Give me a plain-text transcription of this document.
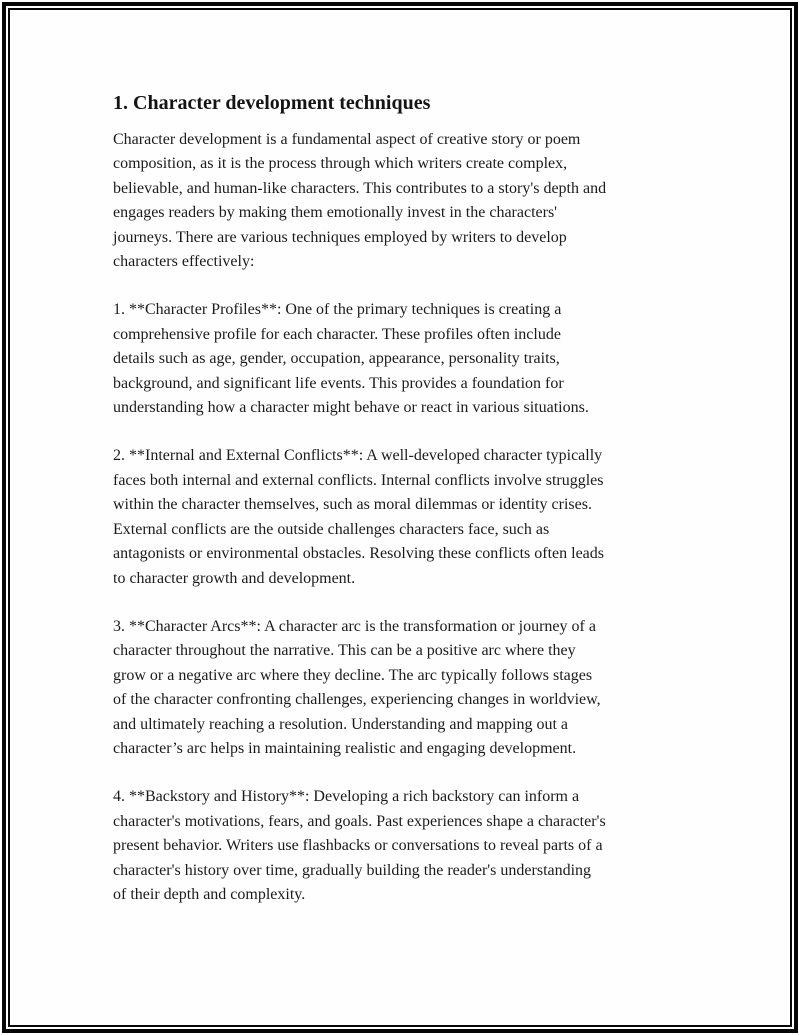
1. Character development techniques

Character development is a fundamental aspect of creative story or poem
composition, as it is the process through which writers create complex,
believable, and human-like characters. This contributes to a story's depth and
engages readers by making them emotionally invest in the characters'
journeys. There are various techniques employed by writers to develop
characters effectively:

1. **Character Profiles**: One of the primary techniques is creating a
comprehensive profile for each character. These profiles often include
details such as age, gender, occupation, appearance, personality traits,
background, and significant life events. This provides a foundation for
understanding how a character might behave or react in various situations.

2. **Internal and External Conflicts**: A well-developed character typically
faces both internal and external conflicts. Internal conflicts involve struggles
within the character themselves, such as moral dilemmas or identity crises.
External conflicts are the outside challenges characters face, such as
antagonists or environmental obstacles. Resolving these conflicts often leads
to character growth and development.

3. **Character Arcs**: A character arc is the transformation or journey of a
character throughout the narrative. This can be a positive arc where they
grow or a negative arc where they decline. The arc typically follows stages
of the character confronting challenges, experiencing changes in worldview,
and ultimately reaching a resolution. Understanding and mapping out a
character’s arc helps in maintaining realistic and engaging development.

4. **Backstory and History**: Developing a rich backstory can inform a
character's motivations, fears, and goals. Past experiences shape a character's
present behavior. Writers use flashbacks or conversations to reveal parts of a
character's history over time, gradually building the reader's understanding
of their depth and complexity.
